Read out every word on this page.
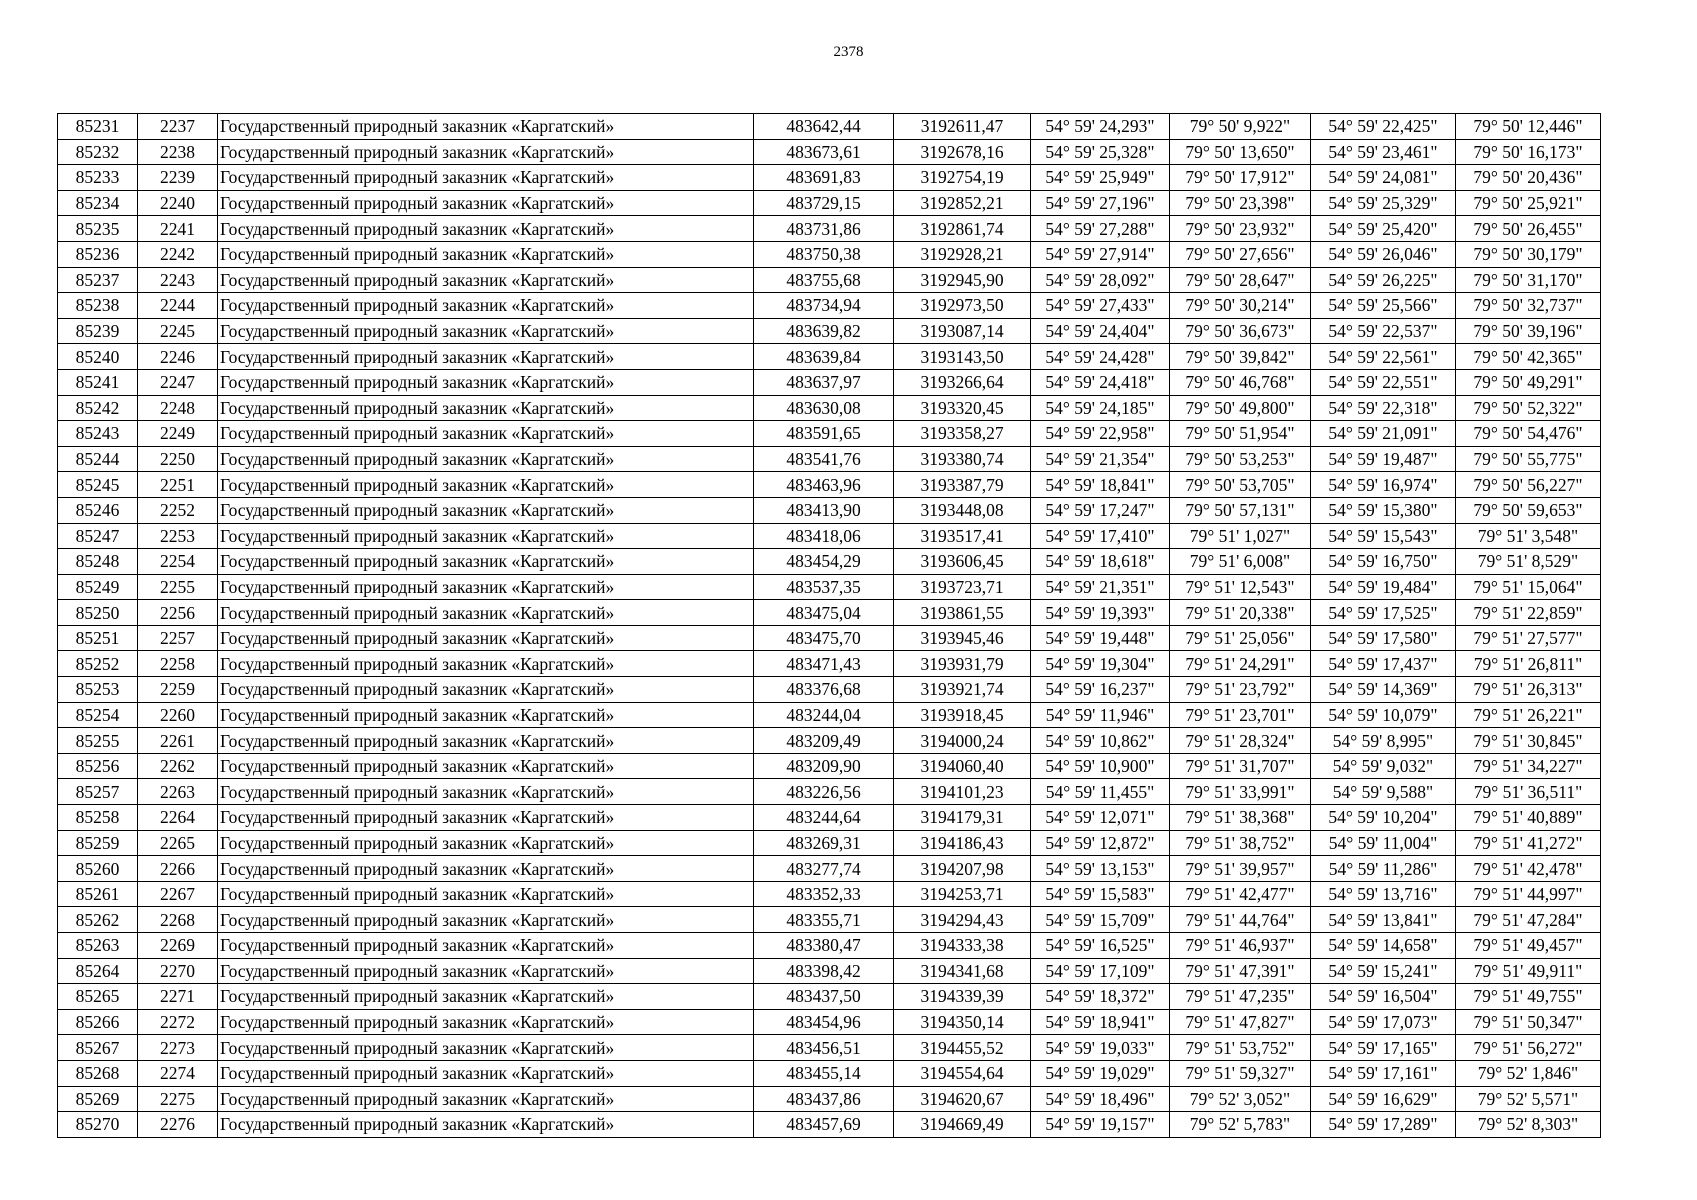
2378
85231	2237	Государственный природный заказник «Каргатский»	483642,44	3192611,47	54° 59' 24,293"	79° 50' 9,922"	54° 59' 22,425"	79° 50' 12,446"
85232	2238	Государственный природный заказник «Каргатский»	483673,61	3192678,16	54° 59' 25,328"	79° 50' 13,650"	54° 59' 23,461"	79° 50' 16,173"
85233	2239	Государственный природный заказник «Каргатский»	483691,83	3192754,19	54° 59' 25,949"	79° 50' 17,912"	54° 59' 24,081"	79° 50' 20,436"
85234	2240	Государственный природный заказник «Каргатский»	483729,15	3192852,21	54° 59' 27,196"	79° 50' 23,398"	54° 59' 25,329"	79° 50' 25,921"
85235	2241	Государственный природный заказник «Каргатский»	483731,86	3192861,74	54° 59' 27,288"	79° 50' 23,932"	54° 59' 25,420"	79° 50' 26,455"
85236	2242	Государственный природный заказник «Каргатский»	483750,38	3192928,21	54° 59' 27,914"	79° 50' 27,656"	54° 59' 26,046"	79° 50' 30,179"
85237	2243	Государственный природный заказник «Каргатский»	483755,68	3192945,90	54° 59' 28,092"	79° 50' 28,647"	54° 59' 26,225"	79° 50' 31,170"
85238	2244	Государственный природный заказник «Каргатский»	483734,94	3192973,50	54° 59' 27,433"	79° 50' 30,214"	54° 59' 25,566"	79° 50' 32,737"
85239	2245	Государственный природный заказник «Каргатский»	483639,82	3193087,14	54° 59' 24,404"	79° 50' 36,673"	54° 59' 22,537"	79° 50' 39,196"
85240	2246	Государственный природный заказник «Каргатский»	483639,84	3193143,50	54° 59' 24,428"	79° 50' 39,842"	54° 59' 22,561"	79° 50' 42,365"
85241	2247	Государственный природный заказник «Каргатский»	483637,97	3193266,64	54° 59' 24,418"	79° 50' 46,768"	54° 59' 22,551"	79° 50' 49,291"
85242	2248	Государственный природный заказник «Каргатский»	483630,08	3193320,45	54° 59' 24,185"	79° 50' 49,800"	54° 59' 22,318"	79° 50' 52,322"
85243	2249	Государственный природный заказник «Каргатский»	483591,65	3193358,27	54° 59' 22,958"	79° 50' 51,954"	54° 59' 21,091"	79° 50' 54,476"
85244	2250	Государственный природный заказник «Каргатский»	483541,76	3193380,74	54° 59' 21,354"	79° 50' 53,253"	54° 59' 19,487"	79° 50' 55,775"
85245	2251	Государственный природный заказник «Каргатский»	483463,96	3193387,79	54° 59' 18,841"	79° 50' 53,705"	54° 59' 16,974"	79° 50' 56,227"
85246	2252	Государственный природный заказник «Каргатский»	483413,90	3193448,08	54° 59' 17,247"	79° 50' 57,131"	54° 59' 15,380"	79° 50' 59,653"
85247	2253	Государственный природный заказник «Каргатский»	483418,06	3193517,41	54° 59' 17,410"	79° 51' 1,027"	54° 59' 15,543"	79° 51' 3,548"
85248	2254	Государственный природный заказник «Каргатский»	483454,29	3193606,45	54° 59' 18,618"	79° 51' 6,008"	54° 59' 16,750"	79° 51' 8,529"
85249	2255	Государственный природный заказник «Каргатский»	483537,35	3193723,71	54° 59' 21,351"	79° 51' 12,543"	54° 59' 19,484"	79° 51' 15,064"
85250	2256	Государственный природный заказник «Каргатский»	483475,04	3193861,55	54° 59' 19,393"	79° 51' 20,338"	54° 59' 17,525"	79° 51' 22,859"
85251	2257	Государственный природный заказник «Каргатский»	483475,70	3193945,46	54° 59' 19,448"	79° 51' 25,056"	54° 59' 17,580"	79° 51' 27,577"
85252	2258	Государственный природный заказник «Каргатский»	483471,43	3193931,79	54° 59' 19,304"	79° 51' 24,291"	54° 59' 17,437"	79° 51' 26,811"
85253	2259	Государственный природный заказник «Каргатский»	483376,68	3193921,74	54° 59' 16,237"	79° 51' 23,792"	54° 59' 14,369"	79° 51' 26,313"
85254	2260	Государственный природный заказник «Каргатский»	483244,04	3193918,45	54° 59' 11,946"	79° 51' 23,701"	54° 59' 10,079"	79° 51' 26,221"
85255	2261	Государственный природный заказник «Каргатский»	483209,49	3194000,24	54° 59' 10,862"	79° 51' 28,324"	54° 59' 8,995"	79° 51' 30,845"
85256	2262	Государственный природный заказник «Каргатский»	483209,90	3194060,40	54° 59' 10,900"	79° 51' 31,707"	54° 59' 9,032"	79° 51' 34,227"
85257	2263	Государственный природный заказник «Каргатский»	483226,56	3194101,23	54° 59' 11,455"	79° 51' 33,991"	54° 59' 9,588"	79° 51' 36,511"
85258	2264	Государственный природный заказник «Каргатский»	483244,64	3194179,31	54° 59' 12,071"	79° 51' 38,368"	54° 59' 10,204"	79° 51' 40,889"
85259	2265	Государственный природный заказник «Каргатский»	483269,31	3194186,43	54° 59' 12,872"	79° 51' 38,752"	54° 59' 11,004"	79° 51' 41,272"
85260	2266	Государственный природный заказник «Каргатский»	483277,74	3194207,98	54° 59' 13,153"	79° 51' 39,957"	54° 59' 11,286"	79° 51' 42,478"
85261	2267	Государственный природный заказник «Каргатский»	483352,33	3194253,71	54° 59' 15,583"	79° 51' 42,477"	54° 59' 13,716"	79° 51' 44,997"
85262	2268	Государственный природный заказник «Каргатский»	483355,71	3194294,43	54° 59' 15,709"	79° 51' 44,764"	54° 59' 13,841"	79° 51' 47,284"
85263	2269	Государственный природный заказник «Каргатский»	483380,47	3194333,38	54° 59' 16,525"	79° 51' 46,937"	54° 59' 14,658"	79° 51' 49,457"
85264	2270	Государственный природный заказник «Каргатский»	483398,42	3194341,68	54° 59' 17,109"	79° 51' 47,391"	54° 59' 15,241"	79° 51' 49,911"
85265	2271	Государственный природный заказник «Каргатский»	483437,50	3194339,39	54° 59' 18,372"	79° 51' 47,235"	54° 59' 16,504"	79° 51' 49,755"
85266	2272	Государственный природный заказник «Каргатский»	483454,96	3194350,14	54° 59' 18,941"	79° 51' 47,827"	54° 59' 17,073"	79° 51' 50,347"
85267	2273	Государственный природный заказник «Каргатский»	483456,51	3194455,52	54° 59' 19,033"	79° 51' 53,752"	54° 59' 17,165"	79° 51' 56,272"
85268	2274	Государственный природный заказник «Каргатский»	483455,14	3194554,64	54° 59' 19,029"	79° 51' 59,327"	54° 59' 17,161"	79° 52' 1,846"
85269	2275	Государственный природный заказник «Каргатский»	483437,86	3194620,67	54° 59' 18,496"	79° 52' 3,052"	54° 59' 16,629"	79° 52' 5,571"
85270	2276	Государственный природный заказник «Каргатский»	483457,69	3194669,49	54° 59' 19,157"	79° 52' 5,783"	54° 59' 17,289"	79° 52' 8,303"
